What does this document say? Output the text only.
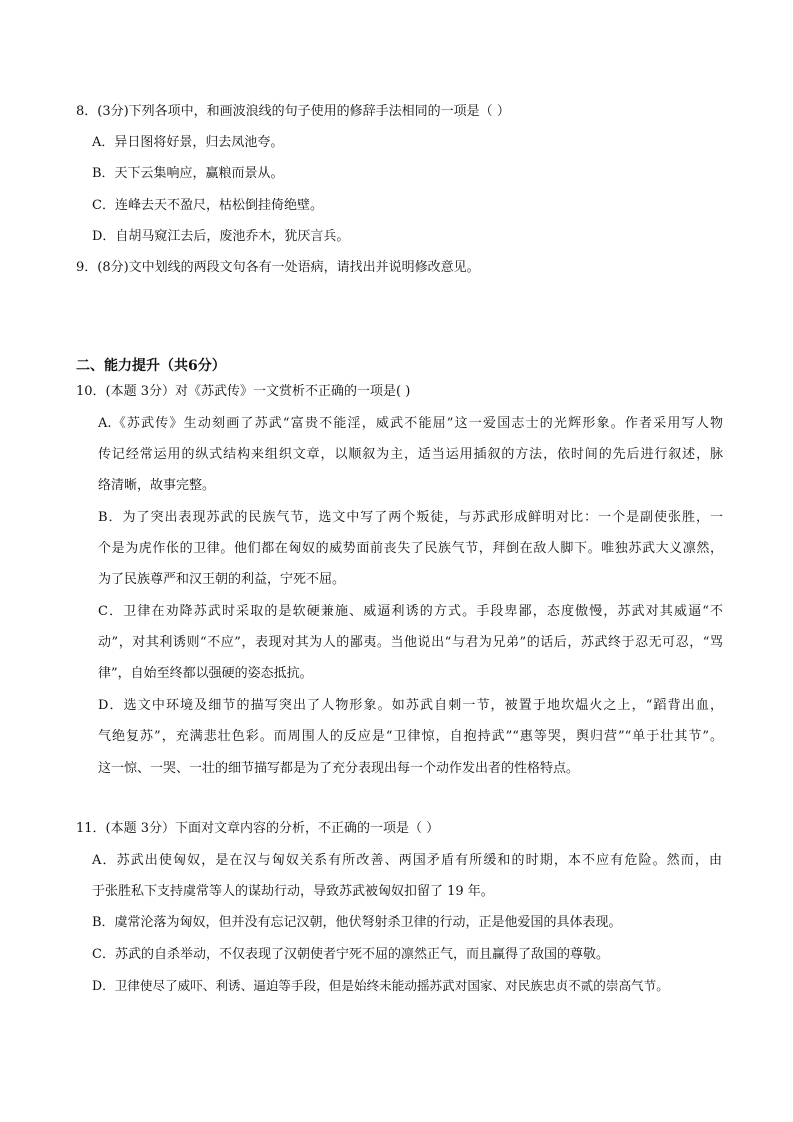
8．(3分)下列各项中，和画波浪线的句子使用的修辞手法相同的一项是（ ）
A．异日图将好景，归去凤池夸。
B．天下云集响应，赢粮而景从。
C．连峰去天不盈尺，枯松倒挂倚绝壁。
D．自胡马窥江去后，废池乔木，犹厌言兵。
9．(8分)文中划线的两段文句各有一处语病，请找出并说明修改意见。
二、能力提升（共6分）
10．(本题 3分）对《苏武传》一文赏析不正确的一项是( )
A.《苏武传》生动刻画了苏武“富贵不能淫，威武不能屈”这一爱国志士的光辉形象。作者采用写人物
传记经常运用的纵式结构来组织文章，以顺叙为主，适当运用插叙的方法，依时间的先后进行叙述，脉
络清晰，故事完整。
B．为了突出表现苏武的民族气节，选文中写了两个叛徒，与苏武形成鲜明对比：一个是副使张胜，一
个是为虎作伥的卫律。他们都在匈奴的威势面前丧失了民族气节，拜倒在敌人脚下。唯独苏武大义凛然，
为了民族尊严和汉王朝的利益，宁死不屈。
C．卫律在劝降苏武时采取的是软硬兼施、威逼利诱的方式。手段卑鄙，态度傲慢，苏武对其威逼“不
动”，对其利诱则“不应”，表现对其为人的鄙夷。当他说出“与君为兄弟”的话后，苏武终于忍无可忍，“骂
律”，自始至终都以强硬的姿态抵抗。
D．选文中环境及细节的描写突出了人物形象。如苏武自刺一节，被置于地坎煴火之上，“蹈背出血，
气绝复苏”，充满悲壮色彩。而周围人的反应是“卫律惊，自抱持武”“惠等哭，舆归营”“单于壮其节”。
这一惊、一哭、一壮的细节描写都是为了充分表现出每一个动作发出者的性格特点。
11．(本题 3分）下面对文章内容的分析，不正确的一项是（ ）
A．苏武出使匈奴，是在汉与匈奴关系有所改善、两国矛盾有所缓和的时期，本不应有危险。然而，由
于张胜私下支持虞常等人的谋劫行动，导致苏武被匈奴扣留了 19 年。
B．虞常沦落为匈奴，但并没有忘记汉朝，他伏弩射杀卫律的行动，正是他爱国的具体表现。
C．苏武的自杀举动，不仅表现了汉朝使者宁死不屈的凛然正气，而且赢得了敌国的尊敬。
D．卫律使尽了威吓、利诱、逼迫等手段，但是始终未能动摇苏武对国家、对民族忠贞不贰的崇高气节。
